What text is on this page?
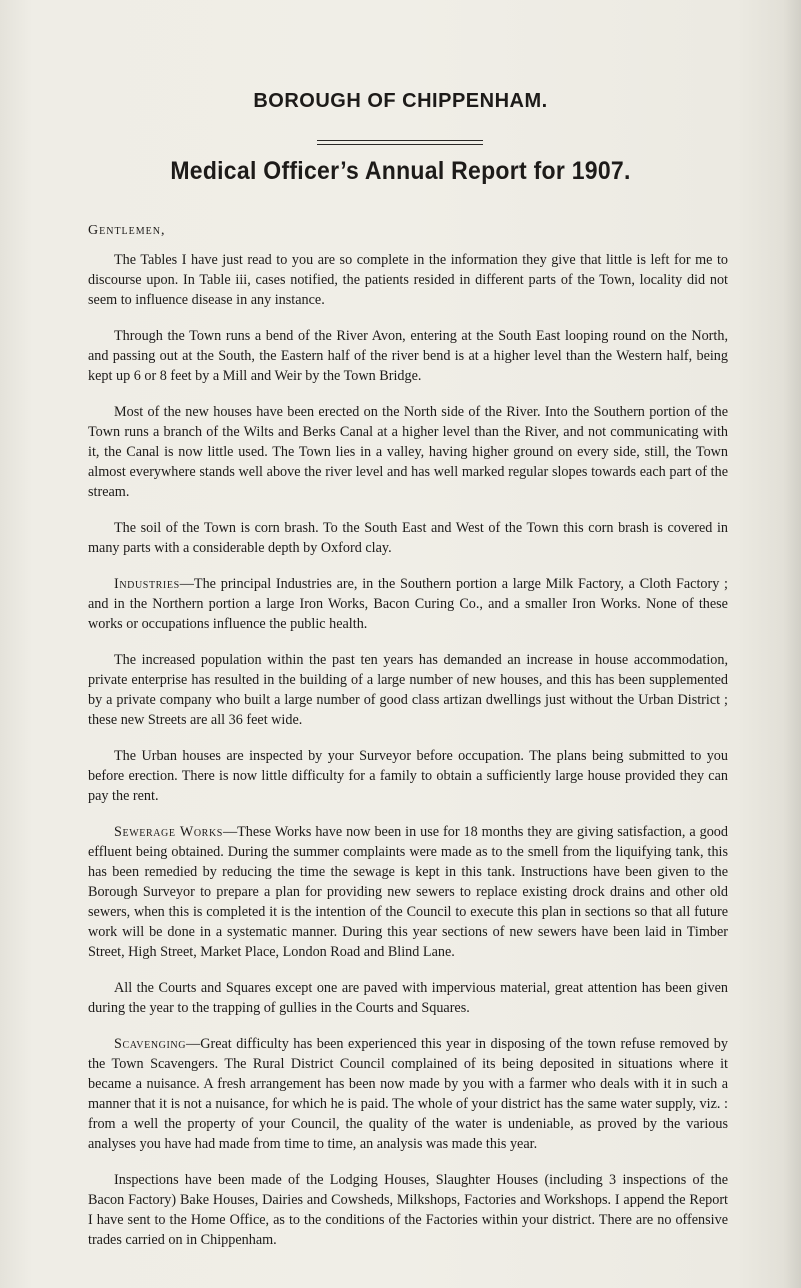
BOROUGH OF CHIPPENHAM.
Medical Officer’s Annual Report for 1907.
Gentlemen,

The Tables I have just read to you are so complete in the information they give that little is left for me to discourse upon. In Table iii, cases notified, the patients resided in different parts of the Town, locality did not seem to influence disease in any instance.

Through the Town runs a bend of the River Avon, entering at the South East looping round on the North, and passing out at the South, the Eastern half of the river bend is at a higher level than the Western half, being kept up 6 or 8 feet by a Mill and Weir by the Town Bridge.

Most of the new houses have been erected on the North side of the River. Into the Southern portion of the Town runs a branch of the Wilts and Berks Canal at a higher level than the River, and not communicating with it, the Canal is now little used. The Town lies in a valley, having higher ground on every side, still, the Town almost everywhere stands well above the river level and has well marked regular slopes towards each part of the stream.

The soil of the Town is corn brash. To the South East and West of the Town this corn brash is covered in many parts with a considerable depth by Oxford clay.

Industries—The principal Industries are, in the Southern portion a large Milk Factory, a Cloth Factory ; and in the Northern portion a large Iron Works, Bacon Curing Co., and a smaller Iron Works. None of these works or occupations influence the public health.

The increased population within the past ten years has demanded an increase in house accommodation, private enterprise has resulted in the building of a large number of new houses, and this has been supplemented by a private company who built a large number of good class artizan dwellings just without the Urban District ; these new Streets are all 36 feet wide.

The Urban houses are inspected by your Surveyor before occupation. The plans being submitted to you before erection. There is now little difficulty for a family to obtain a sufficiently large house provided they can pay the rent.

Sewerage Works—These Works have now been in use for 18 months they are giving satisfaction, a good effluent being obtained. During the summer complaints were made as to the smell from the liquifying tank, this has been remedied by reducing the time the sewage is kept in this tank. Instructions have been given to the Borough Surveyor to prepare a plan for providing new sewers to replace existing drock drains and other old sewers, when this is completed it is the intention of the Council to execute this plan in sections so that all future work will be done in a systematic manner. During this year sections of new sewers have been laid in Timber Street, High Street, Market Place, London Road and Blind Lane.

All the Courts and Squares except one are paved with impervious material, great attention has been given during the year to the trapping of gullies in the Courts and Squares.

Scavenging—Great difficulty has been experienced this year in disposing of the town refuse removed by the Town Scavengers. The Rural District Council complained of its being deposited in situations where it became a nuisance. A fresh arrangement has been now made by you with a farmer who deals with it in such a manner that it is not a nuisance, for which he is paid. The whole of your district has the same water supply, viz. : from a well the property of your Council, the quality of the water is undeniable, as proved by the various analyses you have had made from time to time, an analysis was made this year.

Inspections have been made of the Lodging Houses, Slaughter Houses (including 3 inspections of the Bacon Factory) Bake Houses, Dairies and Cowsheds, Milkshops, Factories and Workshops. I append the Report I have sent to the Home Office, as to the conditions of the Factories within your district. There are no offensive trades carried on in Chippenham.
